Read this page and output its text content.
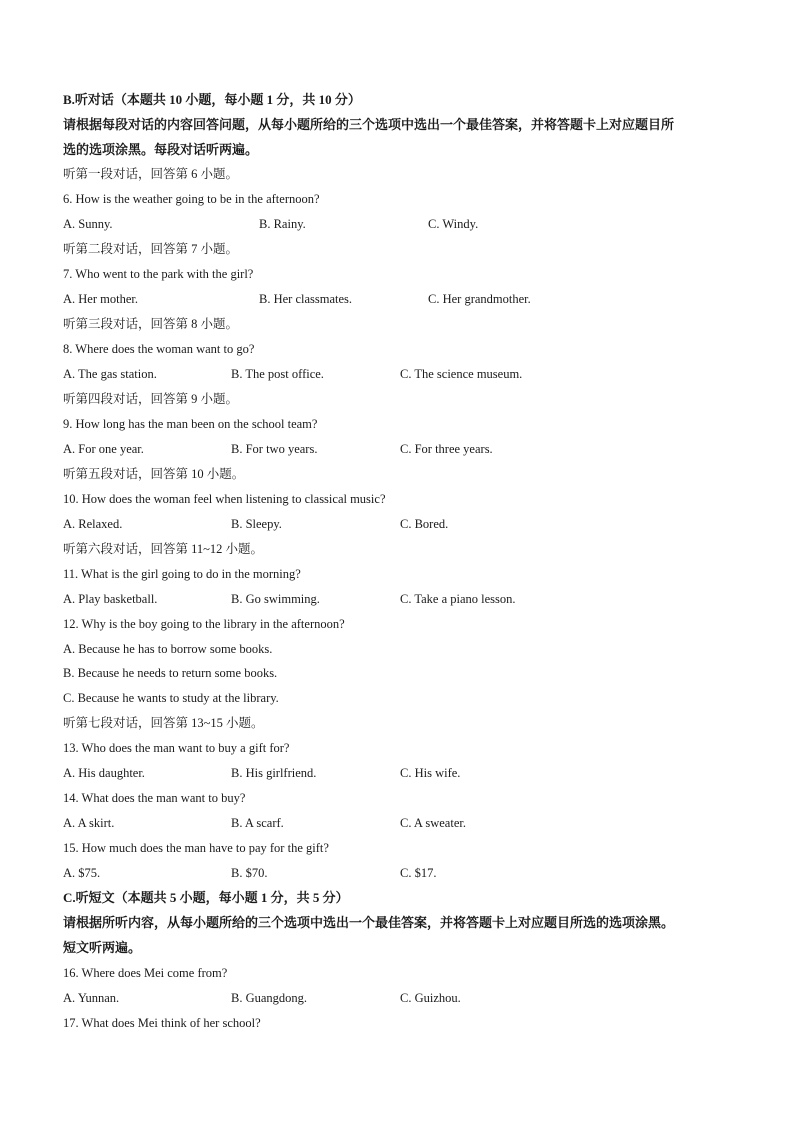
B.听对话（本题共 10 小题，每小题 1 分，共 10 分）
请根据每段对话的内容回答问题，从每小题所给的三个选项中选出一个最佳答案，并将答题卡上对应题目所
选的选项涂黑。每段对话听两遍。
听第一段对话，回答第 6 小题。
6. How is the weather going to be in the afternoon?
A. Sunny.	B. Rainy.	C. Windy.
听第二段对话，回答第 7 小题。
7. Who went to the park with the girl?
A. Her mother.	B. Her classmates.	C. Her grandmother.
听第三段对话，回答第 8 小题。
8. Where does the woman want to go?
A. The gas station.	B. The post office.	C. The science museum.
听第四段对话，回答第 9 小题。
9. How long has the man been on the school team?
A. For one year.	B. For two years.	C. For three years.
听第五段对话，回答第 10 小题。
10. How does the woman feel when listening to classical music?
A. Relaxed.	B. Sleepy.	C. Bored.
听第六段对话，回答第 11~12 小题。
11. What is the girl going to do in the morning?
A. Play basketball.	B. Go swimming.	C. Take a piano lesson.
12. Why is the boy going to the library in the afternoon?
A. Because he has to borrow some books.
B. Because he needs to return some books.
C. Because he wants to study at the library.
听第七段对话，回答第 13~15 小题。
13. Who does the man want to buy a gift for?
A. His daughter.	B. His girlfriend.	C. His wife.
14. What does the man want to buy?
A. A skirt.	B. A scarf.	C. A sweater.
15. How much does the man have to pay for the gift?
A. $75.	B. $70.	C. $17.
C.听短文（本题共 5 小题，每小题 1 分，共 5 分）
请根据所听内容，从每小题所给的三个选项中选出一个最佳答案，并将答题卡上对应题目所选的选项涂黑。
短文听两遍。
16. Where does Mei come from?
A. Yunnan.	B. Guangdong.	C. Guizhou.
17. What does Mei think of her school?
